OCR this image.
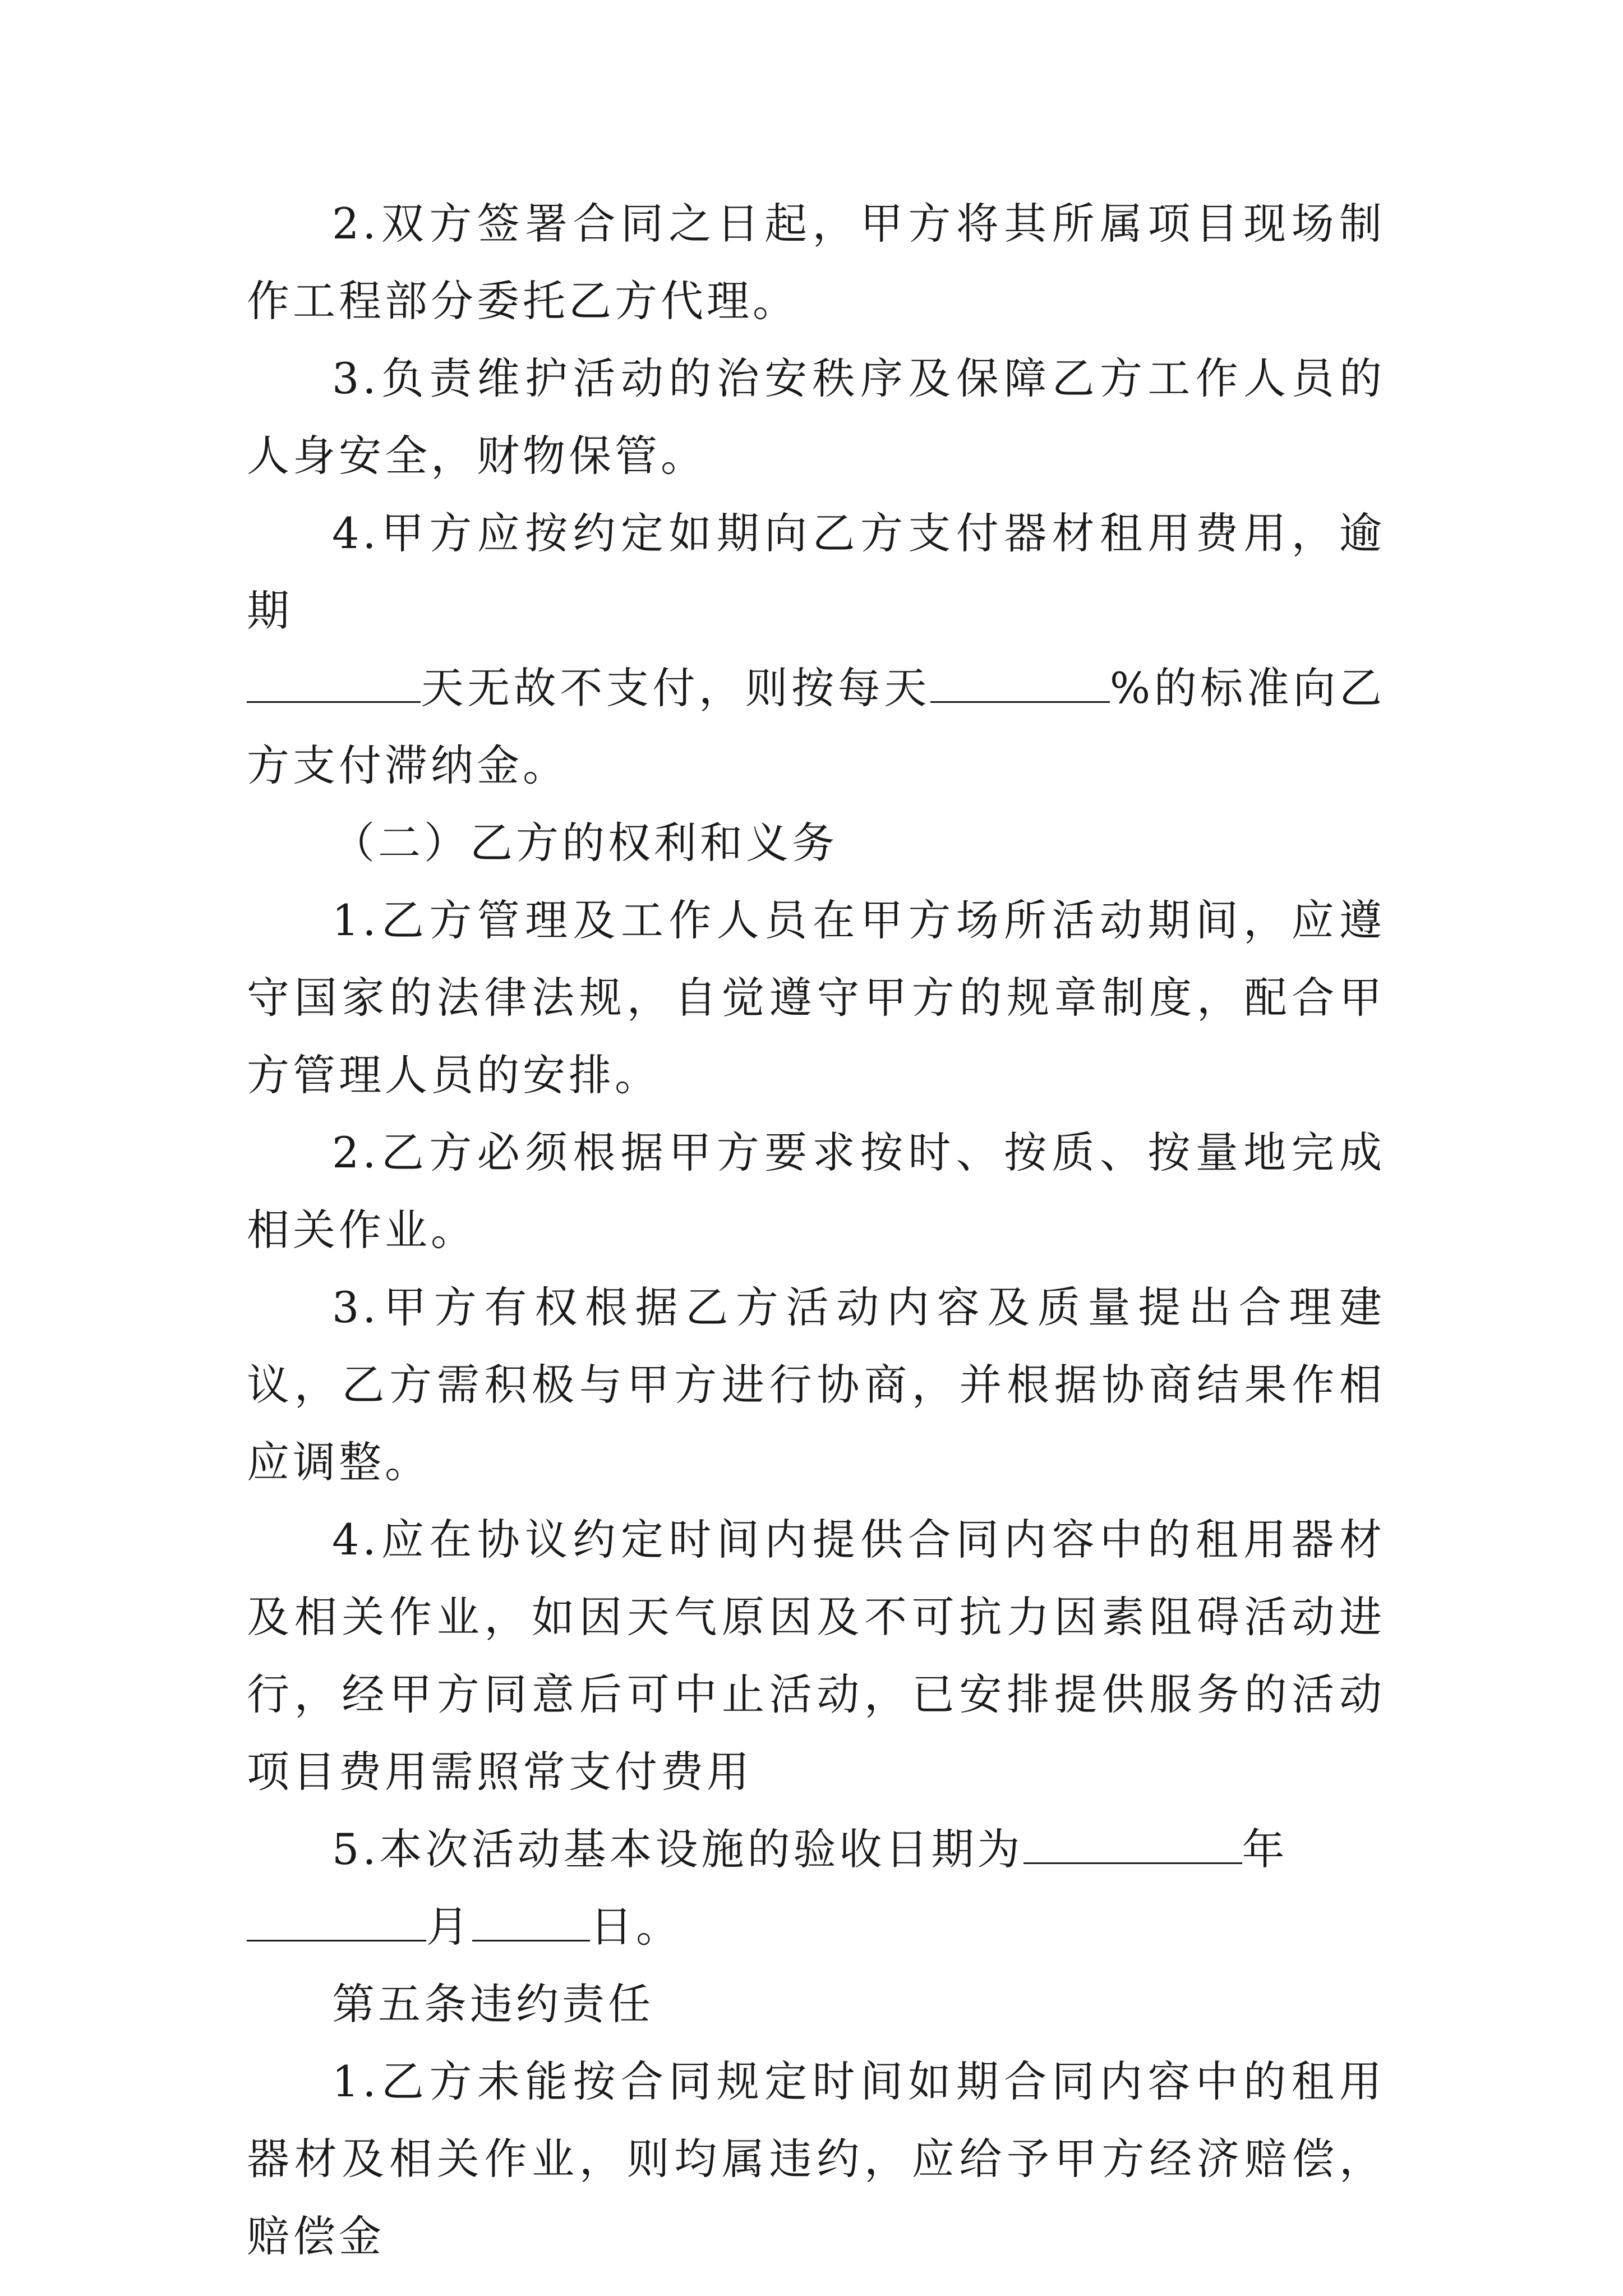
2.双方签署合同之日起，甲方将其所属项目现场制作工程部分委托乙方代理。

3.负责维护活动的治安秩序及保障乙方工作人员的人身安全，财物保管。

4.甲方应按约定如期向乙方支付器材租用费用，逾期
天无故不支付，则按每天	%的标准向乙方支付滞纳金。

（二）乙方的权利和义务

1.乙方管理及工作人员在甲方场所活动期间，应遵守国家的法律法规，自觉遵守甲方的规章制度，配合甲方管理人员的安排。

2.乙方必须根据甲方要求按时、按质、按量地完成相关作业。

3.甲方有权根据乙方活动内容及质量提出合理建议，乙方需积极与甲方进行协商，并根据协商结果作相应调整。

4.应在协议约定时间内提供合同内容中的租用器材及相关作业，如因天气原因及不可抗力因素阻碍活动进行，经甲方同意后可中止活动，已安排提供服务的活动项目费用需照常支付费用

5.本次活动基本设施的验收日期为	年
月	日。

第五条违约责任

1.乙方未能按合同规定时间如期合同内容中的租用器材及相关作业，则均属违约，应给予甲方经济赔偿，赔偿金
